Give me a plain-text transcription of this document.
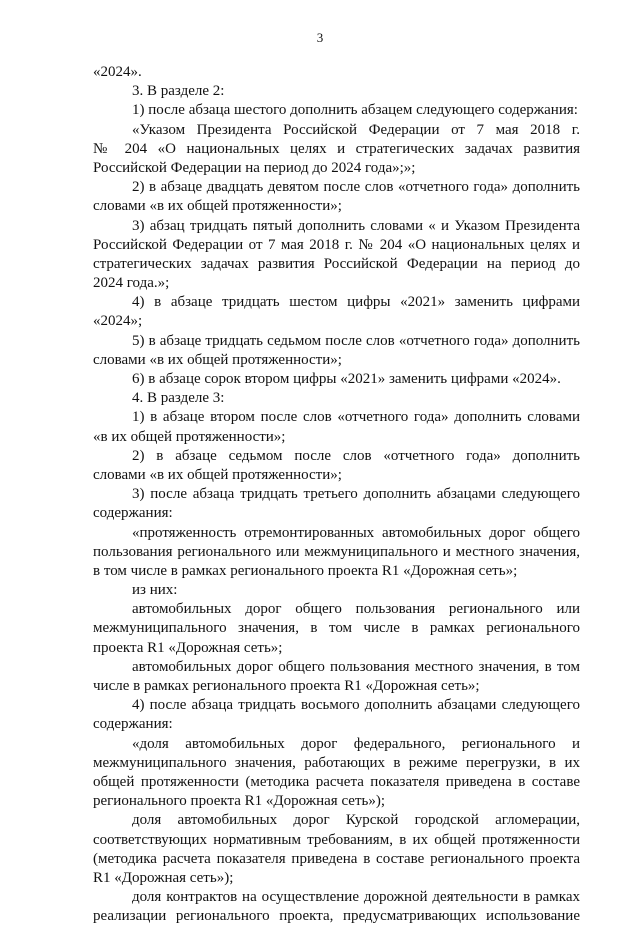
3
«2024».
3. В разделе 2:
1) после абзаца шестого дополнить абзацем следующего содержания:
«Указом Президента Российской Федерации от 7 мая 2018 г.
№ 204 «О национальных целях и стратегических задачах развития
Российской Федерации на период до 2024 года»;»;
2) в абзаце двадцать девятом после слов «отчетного года» дополнить
словами «в их общей протяженности»;
3) абзац тридцать пятый дополнить словами « и Указом Президента
Российской Федерации от 7 мая 2018 г. № 204 «О национальных целях и
стратегических задачах развития Российской Федерации на период до
2024 года.»;
4) в абзаце тридцать шестом цифры «2021» заменить цифрами
«2024»;
5) в абзаце тридцать седьмом после слов «отчетного года» дополнить
словами «в их общей протяженности»;
6) в абзаце сорок втором цифры «2021» заменить цифрами «2024».
4. В разделе 3:
1) в абзаце втором после слов «отчетного года» дополнить словами
«в их общей протяженности»;
2) в абзаце седьмом после слов «отчетного года» дополнить
словами «в их общей протяженности»;
3) после абзаца тридцать третьего дополнить абзацами следующего
содержания:
«протяженность отремонтированных автомобильных дорог общего
пользования регионального или межмуниципального и местного значения,
в том числе в рамках регионального проекта R1 «Дорожная сеть»;
из них:
автомобильных дорог общего пользования регионального или
межмуниципального значения, в том числе в рамках регионального
проекта R1 «Дорожная сеть»;
автомобильных дорог общего пользования местного значения, в том
числе в рамках регионального проекта R1 «Дорожная сеть»;
4) после абзаца тридцать восьмого дополнить абзацами следующего
содержания:
«доля автомобильных дорог федерального, регионального и
межмуниципального значения, работающих в режиме перегрузки, в их
общей протяженности (методика расчета показателя приведена в составе
регионального проекта R1 «Дорожная сеть»);
доля автомобильных дорог Курской городской агломерации,
соответствующих нормативным требованиям, в их общей протяженности
(методика расчета показателя приведена в составе регионального проекта
R1 «Дорожная сеть»);
доля контрактов на осуществление дорожной деятельности в рамках
реализации регионального проекта, предусматривающих использование
